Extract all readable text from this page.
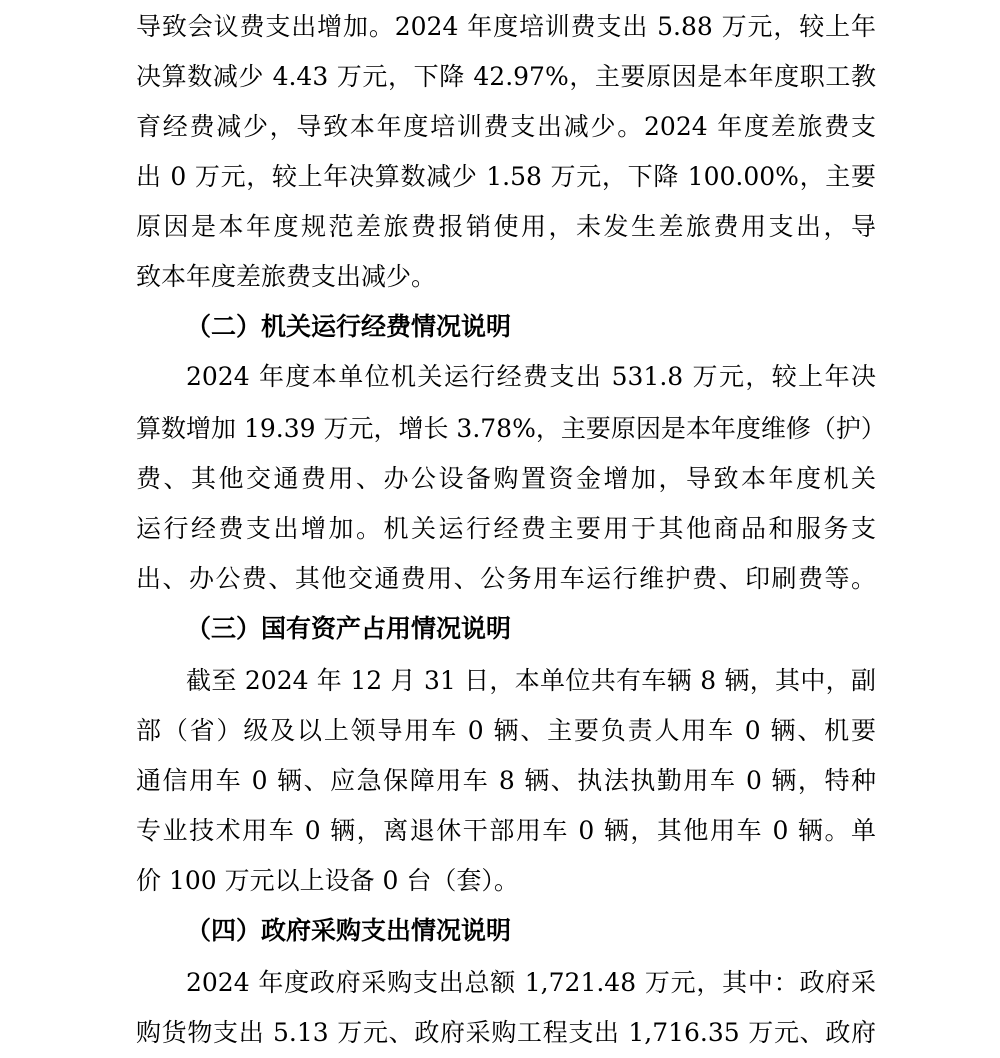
导致会议费支出增加。2024 年度培训费支出 5.88 万元，较上年
决算数减少 4.43 万元，下降 42.97%，主要原因是本年度职工教
育经费减少，导致本年度培训费支出减少。2024 年度差旅费支
出 0 万元，较上年决算数减少 1.58 万元，下降 100.00%，主要
原因是本年度规范差旅费报销使用，未发生差旅费用支出，导
致本年度差旅费支出减少。
（二）机关运行经费情况说明
2024 年度本单位机关运行经费支出 531.8 万元，较上年决
算数增加 19.39 万元，增长 3.78%，主要原因是本年度维修（护）
费、其他交通费用、办公设备购置资金增加，导致本年度机关
运行经费支出增加。机关运行经费主要用于其他商品和服务支
出、办公费、其他交通费用、公务用车运行维护费、印刷费等。
（三）国有资产占用情况说明
截至 2024 年 12 月 31 日，本单位共有车辆 8 辆，其中，副
部（省）级及以上领导用车 0 辆、主要负责人用车 0 辆、机要
通信用车 0 辆、应急保障用车 8 辆、执法执勤用车 0 辆，特种
专业技术用车 0 辆，离退休干部用车 0 辆，其他用车 0 辆。单
价 100 万元以上设备 0 台（套）。
（四）政府采购支出情况说明
2024 年度政府采购支出总额 1,721.48 万元，其中：政府采
购货物支出 5.13 万元、政府采购工程支出 1,716.35 万元、政府
